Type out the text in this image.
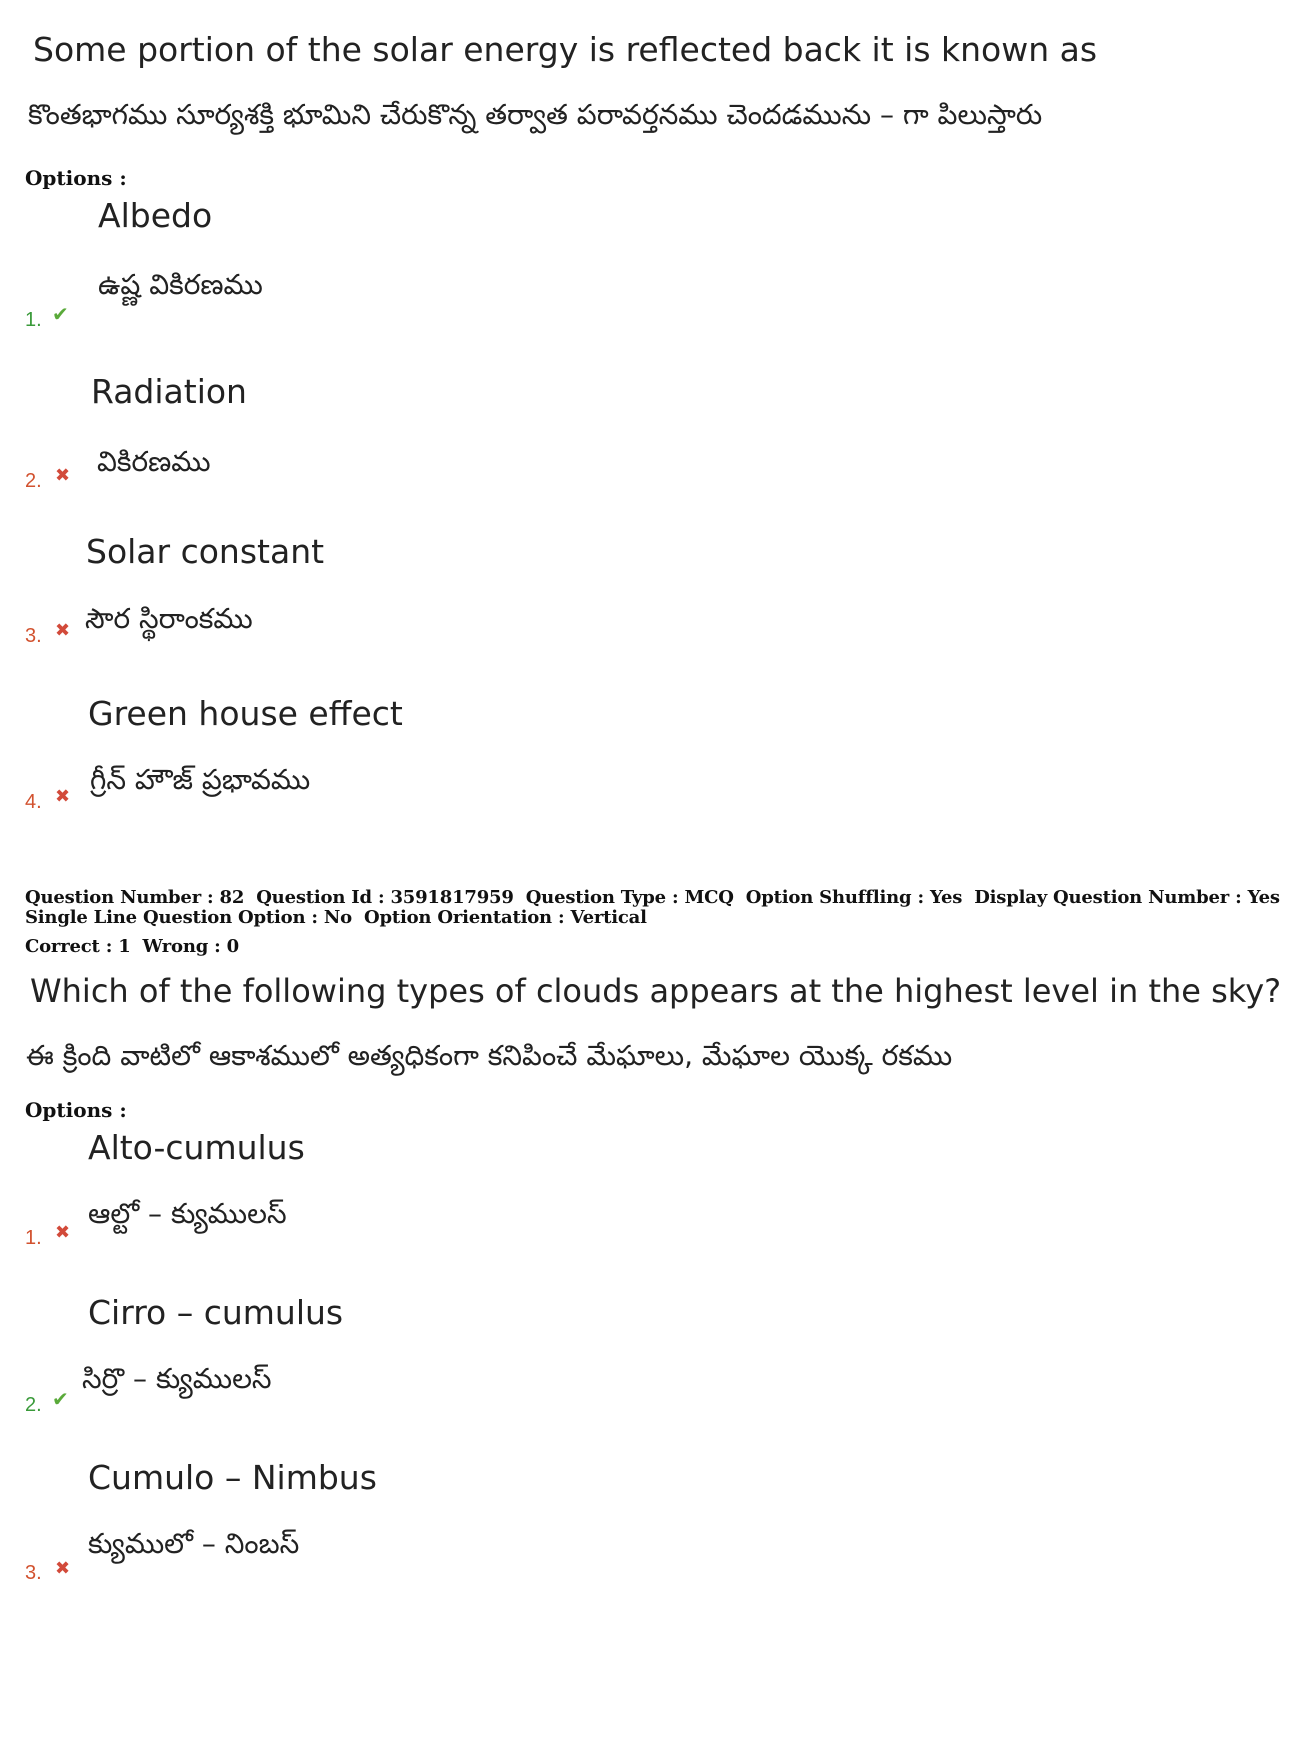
Some portion of the solar energy is reflected back it is known as
కొంతభాగము సూర్యశక్తి భూమిని చేరుకొన్న తర్వాత పరావర్తనము చెందడమును – గా పిలుస్తారు
Options :
Albedo
ఉష్ణ వికిరణము
1. ✔
Radiation
వికిరణము
2. ✖
Solar constant
సౌర స్థిరాంకము
3. ✖
Green house effect
గ్రీన్ హౌజ్ ప్రభావము
4. ✖
Question Number : 82 Question Id : 3591817959 Question Type : MCQ Option Shuffling : Yes Display Question Number : Yes
Single Line Question Option : No Option Orientation : Vertical
Correct : 1 Wrong : 0
Which of the following types of clouds appears at the highest level in the sky?
ఈ క్రింది వాటిలో ఆకాశములో అత్యధికంగా కనిపించే మేఘాలు, మేఘాల యొక్క రకము
Options :
Alto-cumulus
ఆల్టో – క్యుములస్
1. ✖
Cirro – cumulus
సిర్రొ – క్యుములస్
2. ✔
Cumulo – Nimbus
క్యుములో – నింబస్
3. ✖
